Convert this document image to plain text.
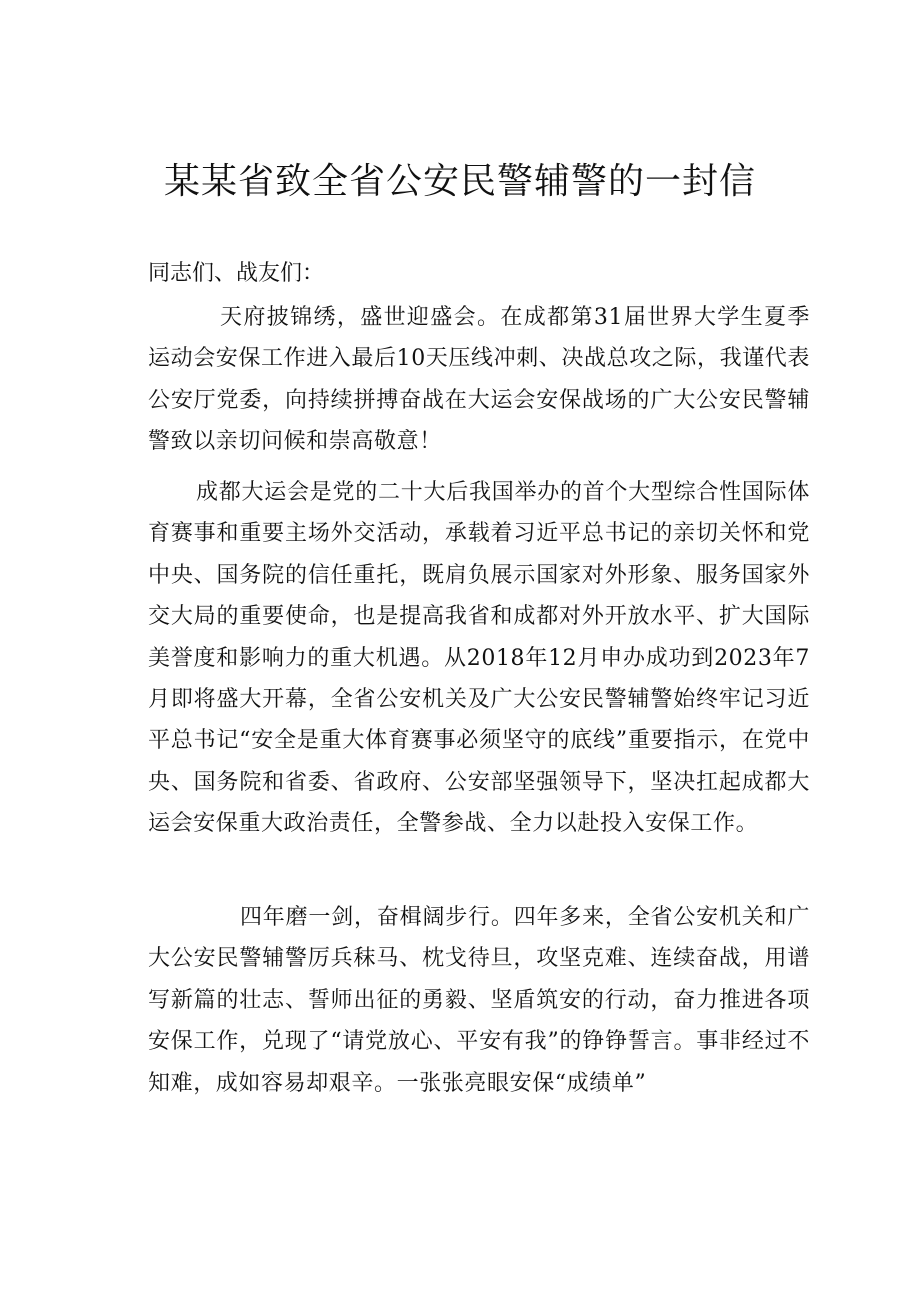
某某省致全省公安民警辅警的一封信

同志们、战友们：

天府披锦绣，盛世迎盛会。在成都第31届世界大学生夏季运动会安保工作进入最后10天压线冲刺、决战总攻之际，我谨代表公安厅党委，向持续拼搏奋战在大运会安保战场的广大公安民警辅警致以亲切问候和崇高敬意！

成都大运会是党的二十大后我国举办的首个大型综合性国际体育赛事和重要主场外交活动，承载着习近平总书记的亲切关怀和党中央、国务院的信任重托，既肩负展示国家对外形象、服务国家外交大局的重要使命，也是提高我省和成都对外开放水平、扩大国际美誉度和影响力的重大机遇。从2018年12月申办成功到2023年7月即将盛大开幕，全省公安机关及广大公安民警辅警始终牢记习近平总书记“安全是重大体育赛事必须坚守的底线”重要指示，在党中央、国务院和省委、省政府、公安部坚强领导下，坚决扛起成都大运会安保重大政治责任，全警参战、全力以赴投入安保工作。

四年磨一剑，奋楫阔步行。四年多来，全省公安机关和广大公安民警辅警厉兵秣马、枕戈待旦，攻坚克难、连续奋战，用谱写新篇的壮志、誓师出征的勇毅、坚盾筑安的行动，奋力推进各项安保工作，兑现了“请党放心、平安有我”的铮铮誓言。事非经过不知难，成如容易却艰辛。一张张亮眼安保“成绩单”
